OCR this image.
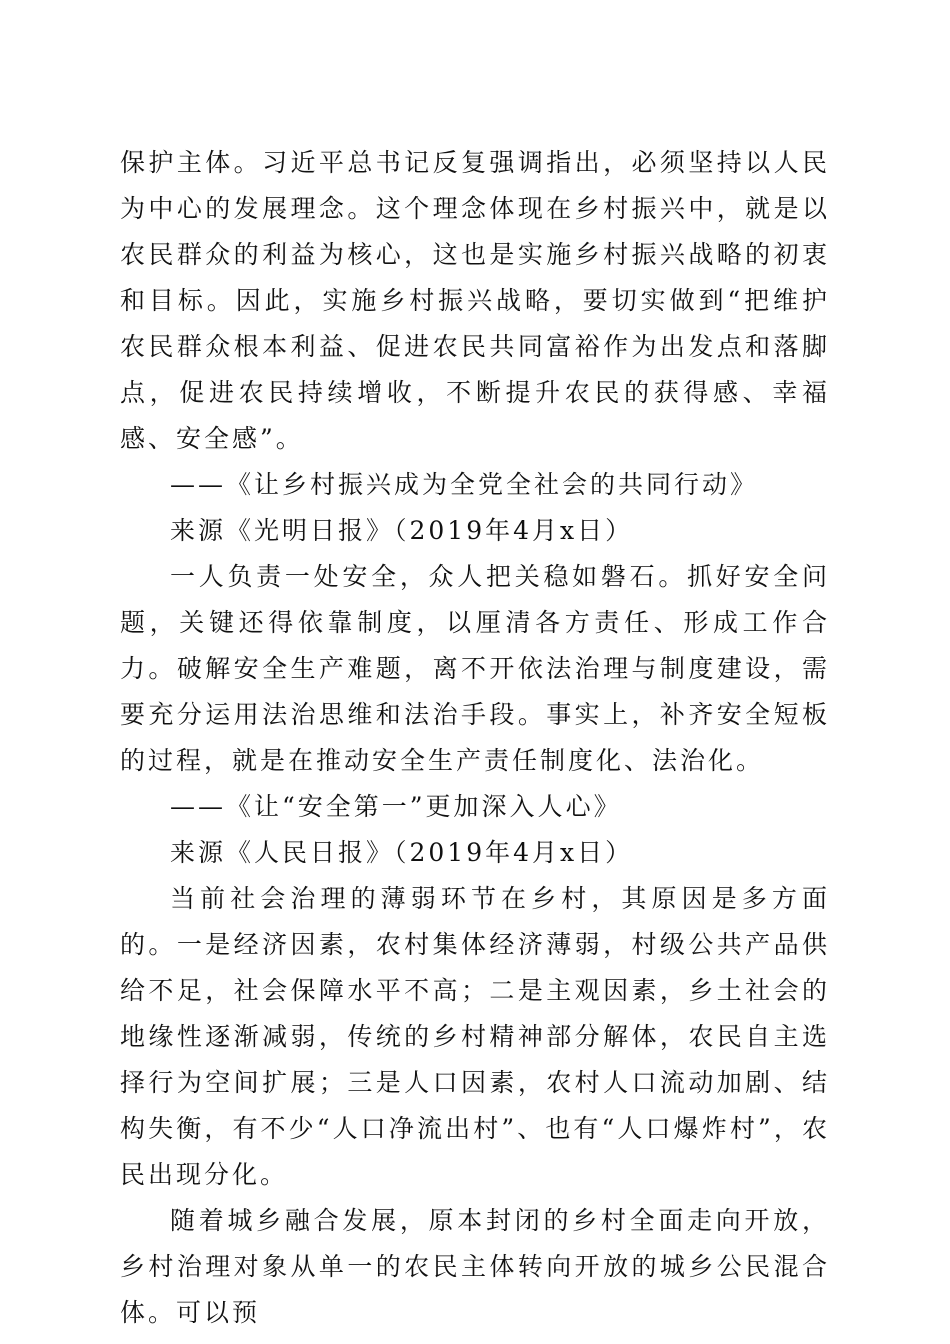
保护主体。习近平总书记反复强调指出，必须坚持以人民为中心的发展理念。这个理念体现在乡村振兴中，就是以农民群众的利益为核心，这也是实施乡村振兴战略的初衷和目标。因此，实施乡村振兴战略，要切实做到“把维护农民群众根本利益、促进农民共同富裕作为出发点和落脚点，促进农民持续增收，不断提升农民的获得感、幸福感、安全感”。

——《让乡村振兴成为全党全社会的共同行动》

来源《光明日报》（2019年4月x日）

一人负责一处安全，众人把关稳如磐石。抓好安全问题，关键还得依靠制度，以厘清各方责任、形成工作合力。破解安全生产难题，离不开依法治理与制度建设，需要充分运用法治思维和法治手段。事实上，补齐安全短板的过程，就是在推动安全生产责任制度化、法治化。

——《让“安全第一”更加深入人心》

来源《人民日报》（2019年4月x日）

当前社会治理的薄弱环节在乡村，其原因是多方面的。一是经济因素，农村集体经济薄弱，村级公共产品供给不足，社会保障水平不高；二是主观因素，乡土社会的地缘性逐渐减弱，传统的乡村精神部分解体，农民自主选择行为空间扩展；三是人口因素，农村人口流动加剧、结构失衡，有不少“人口净流出村”、也有“人口爆炸村”，农民出现分化。

随着城乡融合发展，原本封闭的乡村全面走向开放，乡村治理对象从单一的农民主体转向开放的城乡公民混合体。可以预
